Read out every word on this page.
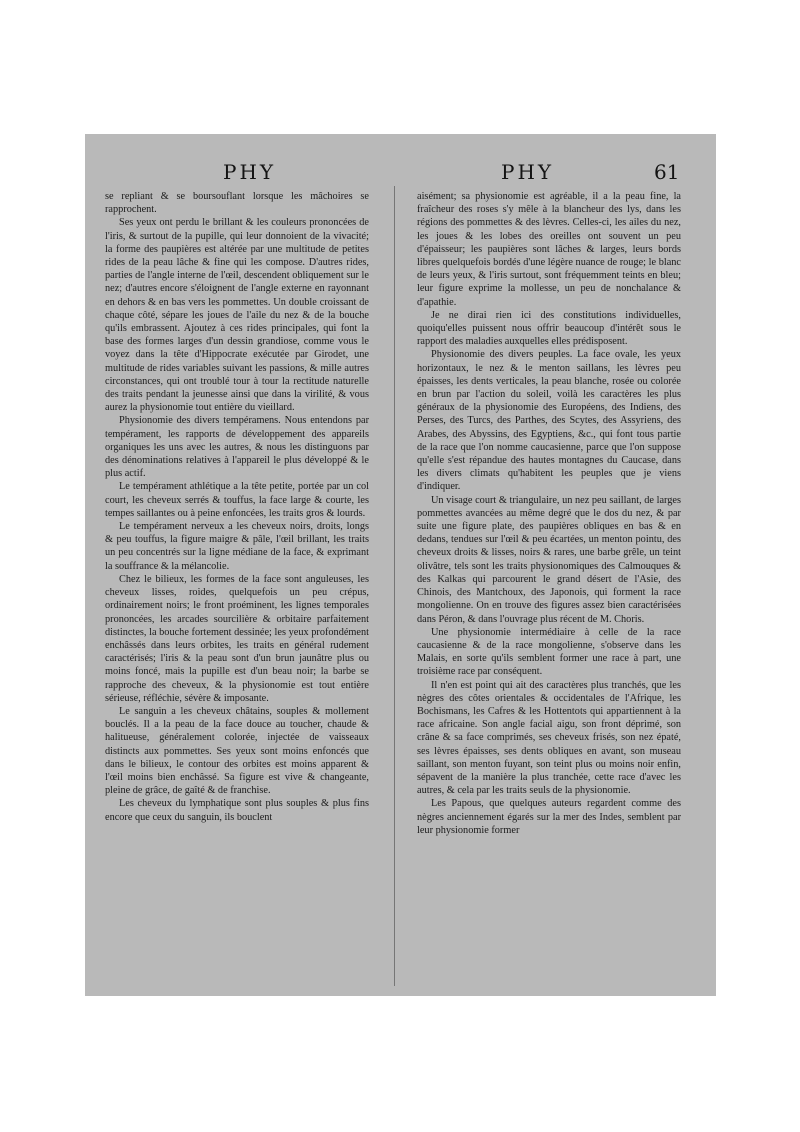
PHY	PHY	61

se repliant & se boursouflant lorsque les mâchoires se rapprochent.

Ses yeux ont perdu le brillant & les couleurs prononcées de l'iris, & surtout de la pupille, qui leur donnoient de la vivacité; la forme des paupières est altérée par une multitude de petites rides de la peau lâche & fine qui les compose. D'autres rides, parties de l'angle interne de l'œil, descendent obliquement sur le nez; d'autres encore s'éloignent de l'angle externe en rayonnant en dehors & en bas vers les pommettes. Un double croissant de chaque côté, sépare les joues de l'aile du nez & de la bouche qu'ils embrassent. Ajoutez à ces rides principales, qui font la base des formes larges d'un dessin grandiose, comme vous le voyez dans la tête d'Hippocrate exécutée par Girodet, une multitude de rides variables suivant les passions, & mille autres circonstances, qui ont troublé tour à tour la rectitude naturelle des traits pendant la jeunesse ainsi que dans la virilité, & vous aurez la physionomie tout entière du vieillard.

Physionomie des divers tempéramens. Nous entendons par tempérament, les rapports de développement des appareils organiques les uns avec les autres, & nous les distinguons par des dénominations relatives à l'appareil le plus développé & le plus actif.

Le tempérament athlétique a la tête petite, portée par un col court, les cheveux serrés & touffus, la face large & courte, les tempes saillantes ou à peine enfoncées, les traits gros & lourds.

Le tempérament nerveux a les cheveux noirs, droits, longs & peu touffus, la figure maigre & pâle, l'œil brillant, les traits un peu concentrés sur la ligne médiane de la face, & exprimant la souffrance & la mélancolie.

Chez le bilieux, les formes de la face sont anguleuses, les cheveux lisses, roides, quelquefois un peu crépus, ordinairement noirs; le front proéminent, les lignes temporales prononcées, les arcades sourcilière & orbitaire parfaitement distinctes, la bouche fortement dessinée; les yeux profondément enchâssés dans leurs orbites, les traits en général rudement caractérisés; l'iris & la peau sont d'un brun jaunâtre plus ou moins foncé, mais la pupille est d'un beau noir; la barbe se rapproche des cheveux, & la physionomie est tout entière sérieuse, réfléchie, sévère & imposante.

Le sanguin a les cheveux châtains, souples & mollement bouclés. Il a la peau de la face douce au toucher, chaude & halitueuse, généralement colorée, injectée de vaisseaux distincts aux pommettes. Ses yeux sont moins enfoncés que dans le bilieux, le contour des orbites est moins apparent & l'œil moins bien enchâssé. Sa figure est vive & changeante, pleine de grâce, de gaîté & de franchise.

Les cheveux du lymphatique sont plus souples & plus fins encore que ceux du sanguin, ils bouclent

aisément; sa physionomie est agréable, il a la peau fine, la fraîcheur des roses s'y mêle à la blancheur des lys, dans les régions des pommettes & des lèvres. Celles-ci, les ailes du nez, les joues & les lobes des oreilles ont souvent un peu d'épaisseur; les paupières sont lâches & larges, leurs bords libres quelquefois bordés d'une légère nuance de rouge; le blanc de leurs yeux, & l'iris surtout, sont fréquemment teints en bleu; leur figure exprime la mollesse, un peu de nonchalance & d'apathie.

Je ne dirai rien ici des constitutions individuelles, quoiqu'elles puissent nous offrir beaucoup d'intérêt sous le rapport des maladies auxquelles elles prédisposent.

Physionomie des divers peuples. La face ovale, les yeux horizontaux, le nez & le menton saillans, les lèvres peu épaisses, les dents verticales, la peau blanche, rosée ou colorée en brun par l'action du soleil, voilà les caractères les plus généraux de la physionomie des Européens, des Indiens, des Perses, des Turcs, des Parthes, des Scytes, des Assyriens, des Arabes, des Abyssins, des Egyptiens, &c., qui font tous partie de la race que l'on nomme caucasienne, parce que l'on suppose qu'elle s'est répandue des hautes montagnes du Caucase, dans les divers climats qu'habitent les peuples que je viens d'indiquer.

Un visage court & triangulaire, un nez peu saillant, de larges pommettes avancées au même degré que le dos du nez, & par suite une figure plate, des paupières obliques en bas & en dedans, tendues sur l'œil & peu écartées, un menton pointu, des cheveux droits & lisses, noirs & rares, une barbe grêle, un teint olivâtre, tels sont les traits physionomiques des Calmouques & des Kalkas qui parcourent le grand désert de l'Asie, des Chinois, des Mantchoux, des Japonois, qui forment la race mongolienne. On en trouve des figures assez bien caractérisées dans Péron, & dans l'ouvrage plus récent de M. Choris.

Une physionomie intermédiaire à celle de la race caucasienne & de la race mongolienne, s'observe dans les Malais, en sorte qu'ils semblent former une race à part, une troisième race par conséquent.

Il n'en est point qui ait des caractères plus tranchés, que les nègres des côtes orientales & occidentales de l'Afrique, les Bochismans, les Cafres & les Hottentots qui appartiennent à la race africaine. Son angle facial aigu, son front déprimé, son crâne & sa face comprimés, ses cheveux frisés, son nez épaté, ses lèvres épaisses, ses dents obliques en avant, son museau saillant, son menton fuyant, son teint plus ou moins noir enfin, sépavent de la manière la plus tranchée, cette race d'avec les autres, & cela par les traits seuls de la physionomie.

Les Papous, que quelques auteurs regardent comme des nègres anciennement égarés sur la mer des Indes, semblent par leur physionomie former
